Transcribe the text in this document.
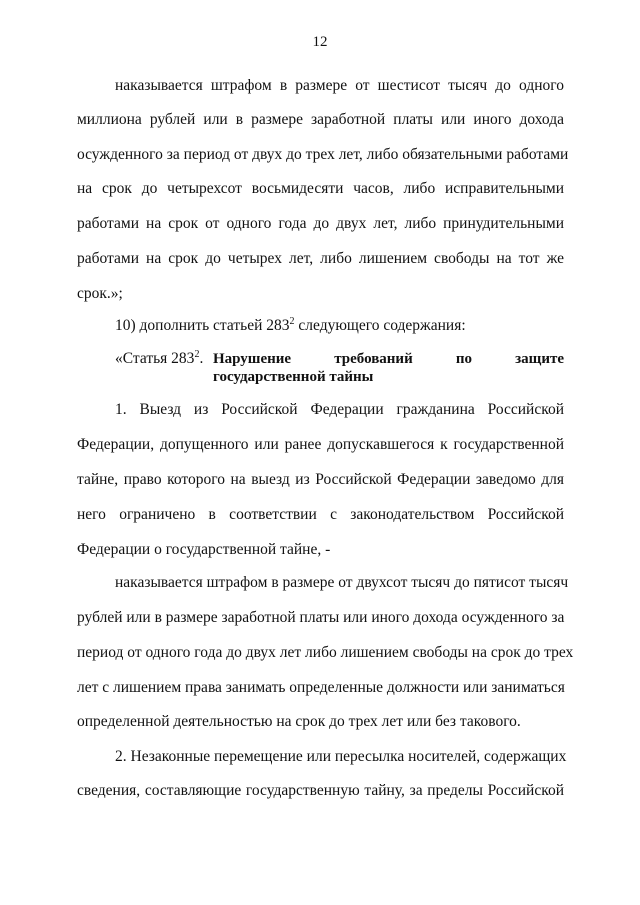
12
наказывается штрафом в размере от шестисот тысяч до одного
миллиона рублей или в размере заработной платы или иного дохода
осужденного за период от двух до трех лет, либо обязательными работами
на срок до четырехсот восьмидесяти часов, либо исправительными
работами на срок от одного года до двух лет, либо принудительными
работами на срок до четырех лет, либо лишением свободы на тот же
срок.»;
10) дополнить статьей $283^2$ следующего содержания:
«Статья $283^2$. Нарушение требований по защите
государственной тайны
1. Выезд из Российской Федерации гражданина Российской
Федерации, допущенного или ранее допускавшегося к государственной
тайне, право которого на выезд из Российской Федерации заведомо для
него ограничено в соответствии с законодательством Российской
Федерации о государственной тайне, -
наказывается штрафом в размере от двухсот тысяч до пятисот тысяч
рублей или в размере заработной платы или иного дохода осужденного за
период от одного года до двух лет либо лишением свободы на срок до трех
лет с лишением права занимать определенные должности или заниматься
определенной деятельностью на срок до трех лет или без такового.
2. Незаконные перемещение или пересылка носителей, содержащих
сведения, составляющие государственную тайну, за пределы Российской
